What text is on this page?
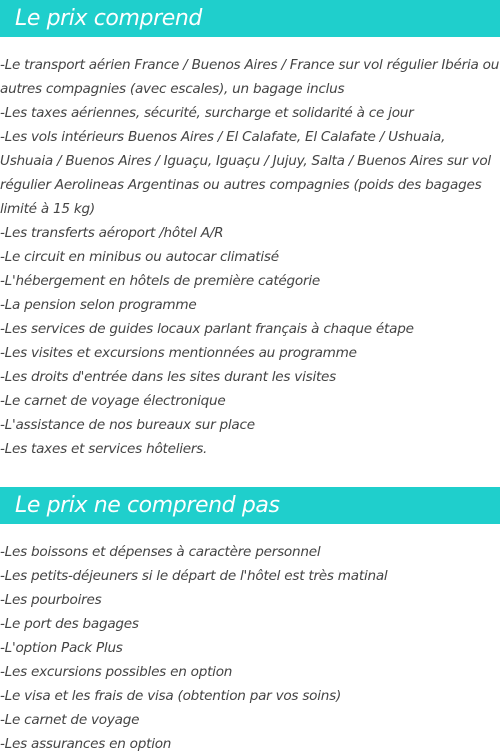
Le prix comprend
-Le transport aérien France / Buenos Aires / France sur vol régulier Ibéria ou autres compagnies (avec escales), un bagage inclus
-Les taxes aériennes, sécurité, surcharge et solidarité à ce jour
-Les vols intérieurs Buenos Aires / El Calafate, El Calafate / Ushuaia, Ushuaia / Buenos Aires / Iguaçu, Iguaçu / Jujuy, Salta / Buenos Aires sur vol régulier Aerolineas Argentinas ou autres compagnies (poids des bagages limité à 15 kg)
-Les transferts aéroport /hôtel A/R
-Le circuit en minibus ou autocar climatisé
-L'hébergement en hôtels de première catégorie
-La pension selon programme
-Les services de guides locaux parlant français à chaque étape
-Les visites et excursions mentionnées au programme
-Les droits d'entrée dans les sites durant les visites
-Le carnet de voyage électronique
-L'assistance de nos bureaux sur place
-Les taxes et services hôteliers.
Le prix ne comprend pas
-Les boissons et dépenses à caractère personnel
-Les petits-déjeuners si le départ de l'hôtel est très matinal
-Les pourboires
-Le port des bagages
-L'option Pack Plus
-Les excursions possibles en option
-Le visa et les frais de visa (obtention par vos soins)
-Le carnet de voyage
-Les assurances en option
